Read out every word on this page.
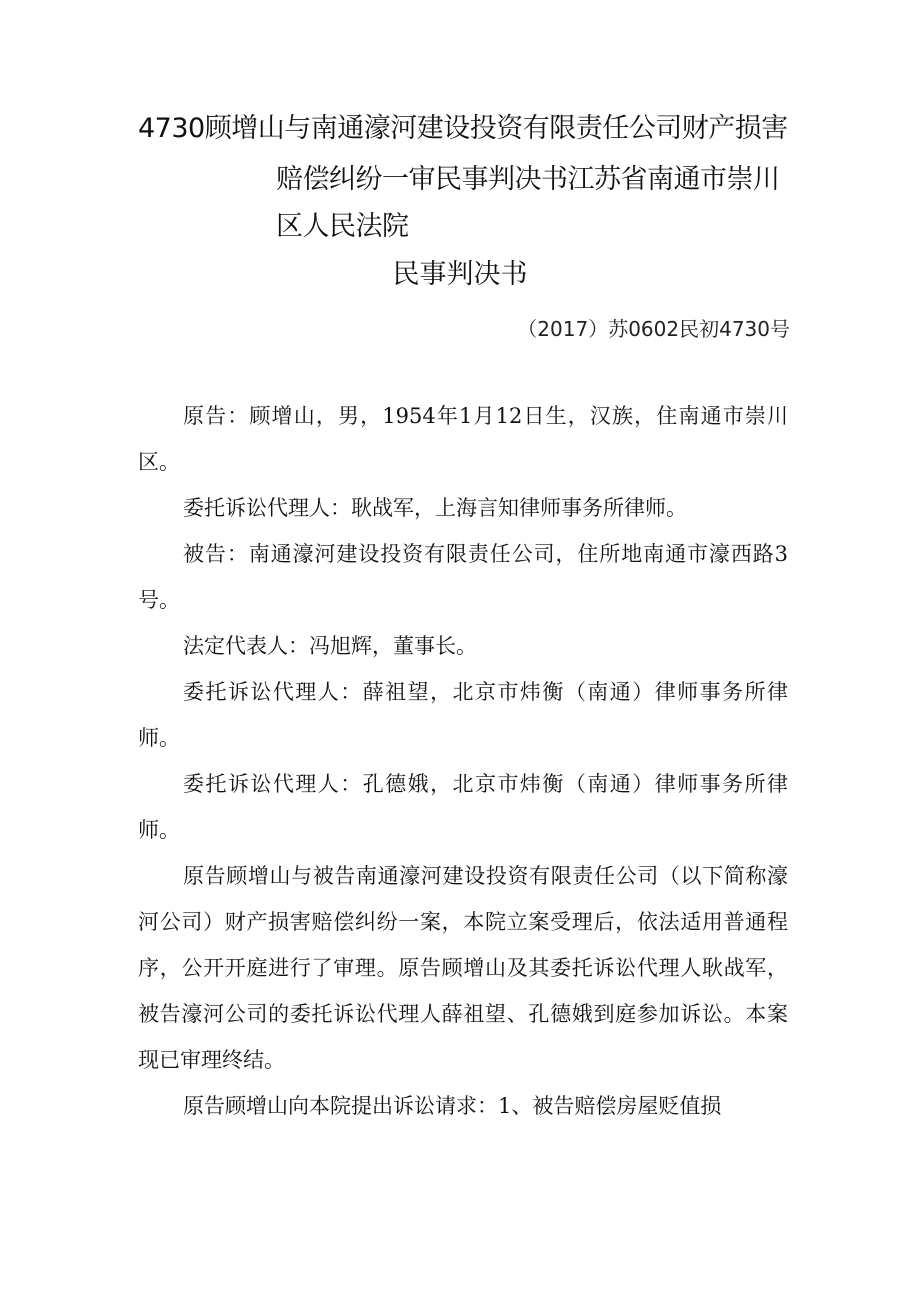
4730顾增山与南通濠河建设投资有限责任公司财产损害
赔偿纠纷一审民事判决书江苏省南通市崇川
区人民法院
民事判决书
（2017）苏0602民初4730号

原告：顾增山，男，1954年1月12日生，汉族，住南通市崇川区。

委托诉讼代理人：耿战军，上海言知律师事务所律师。

被告：南通濠河建设投资有限责任公司，住所地南通市濠西路3号。

法定代表人：冯旭辉，董事长。

委托诉讼代理人：薛祖望，北京市炜衡（南通）律师事务所律师。

委托诉讼代理人：孔德娥，北京市炜衡（南通）律师事务所律师。

原告顾增山与被告南通濠河建设投资有限责任公司（以下简称濠河公司）财产损害赔偿纠纷一案，本院立案受理后，依法适用普通程序，公开开庭进行了审理。原告顾增山及其委托诉讼代理人耿战军，被告濠河公司的委托诉讼代理人薛祖望、孔德娥到庭参加诉讼。本案现已审理终结。

原告顾增山向本院提出诉讼请求：1、被告赔偿房屋贬值损
